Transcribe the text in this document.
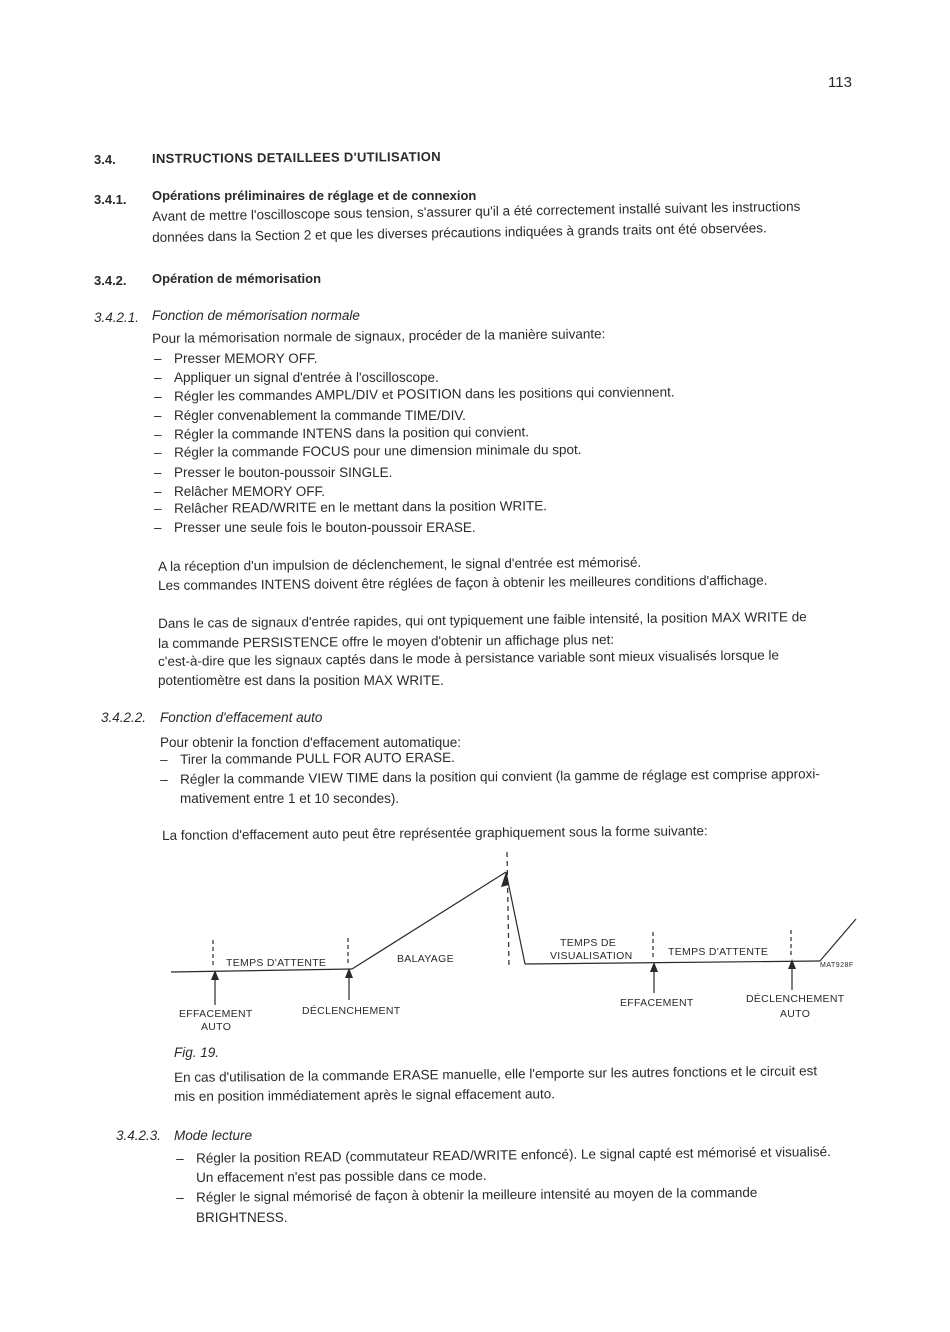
113
3.4.	INSTRUCTIONS DETAILLEES D'UTILISATION
3.4.1. Opérations préliminaires de réglage et de connexion
Avant de mettre l'oscilloscope sous tension, s'assurer qu'il a été correctement installé suivant les instructions
données dans la Section 2 et que les diverses précautions indiquées à grands traits ont été observées.
3.4.2. Opération de mémorisation
3.4.2.1. Fonction de mémorisation normale
Pour la mémorisation normale de signaux, procéder de la manière suivante:
– Presser MEMORY OFF.
– Appliquer un signal d'entrée à l'oscilloscope.
– Régler les commandes AMPL/DIV et POSITION dans les positions qui conviennent.
– Régler convenablement la commande TIME/DIV.
– Régler la commande INTENS dans la position qui convient.
– Régler la commande FOCUS pour une dimension minimale du spot.
– Presser le bouton-poussoir SINGLE.
– Relâcher MEMORY OFF.
– Relâcher READ/WRITE en le mettant dans la position WRITE.
– Presser une seule fois le bouton-poussoir ERASE.
A la réception d'un impulsion de déclenchement, le signal d'entrée est mémorisé.
Les commandes INTENS doivent être réglées de façon à obtenir les meilleures conditions d'affichage.
Dans le cas de signaux d'entrée rapides, qui ont typiquement une faible intensité, la position MAX WRITE de
la commande PERSISTENCE offre le moyen d'obtenir un affichage plus net:
c'est-à-dire que les signaux captés dans le mode à persistance variable sont mieux visualisés lorsque le
potentiomètre est dans la position MAX WRITE.
3.4.2.2. Fonction d'effacement auto
Pour obtenir la fonction d'effacement automatique:
– Tirer la commande PULL FOR AUTO ERASE.
– Régler la commande VIEW TIME dans la position qui convient (la gamme de réglage est comprise approxi-
mativement entre 1 et 10 secondes).
La fonction d'effacement auto peut être représentée graphiquement sous la forme suivante:
TEMPS D'ATTENTE	BALAYAGE
TEMPS DE
VISUALISATION	TEMPS D'ATTENTE
MAT928F
EFFACEMENT
AUTO
DÉCLENCHEMENT
EFFACEMENT	DÉCLENCHEMENT
AUTO
Fig. 19.
En cas d'utilisation de la commande ERASE manuelle, elle l'emporte sur les autres fonctions et le circuit est
mis en position immédiatement après le signal effacement auto.
3.4.2.3. Mode lecture
– Régler la position READ (commutateur READ/WRITE enfoncé). Le signal capté est mémorisé et visualisé.
Un effacement n'est pas possible dans ce mode.
– Régler le signal mémorisé de façon à obtenir la meilleure intensité au moyen de la commande
BRIGHTNESS.
